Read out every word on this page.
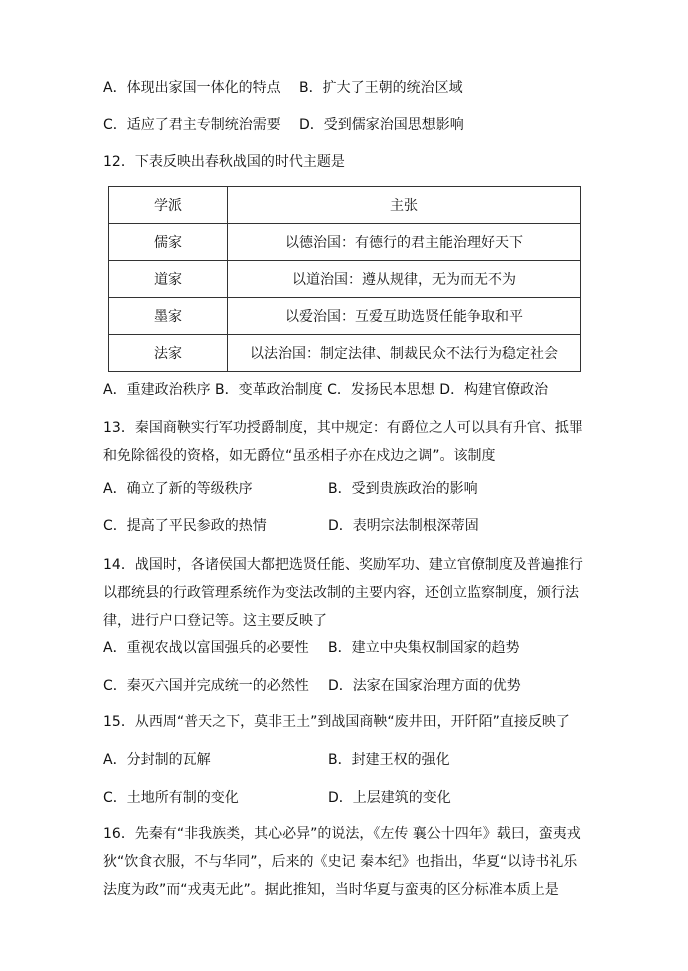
A．体现出家国一体化的特点 B．扩大了王朝的统治区域
C．适应了君主专制统治需要 D．受到儒家治国思想影响
12．下表反映出春秋战国的时代主题是
学派	主张
儒家	以德治国：有德行的君主能治理好天下
道家	以道治国：遵从规律，无为而无不为
墨家	以爱治国：互爱互助选贤任能争取和平
法家	以法治国：制定法律、制裁民众不法行为稳定社会
A．重建政治秩序 B．变革政治制度 C．发扬民本思想 D．构建官僚政治
13．秦国商鞅实行军功授爵制度，其中规定：有爵位之人可以具有升官、抵罪和免除徭役的资格，如无爵位“虽丞相子亦在戍边之调”。该制度
A．确立了新的等级秩序	B．受到贵族政治的影响
C．提高了平民参政的热情	D．表明宗法制根深蒂固
14．战国时，各诸侯国大都把选贤任能、奖励军功、建立官僚制度及普遍推行以郡统县的行政管理系统作为变法改制的主要内容，还创立监察制度，颁行法律，进行户口登记等。这主要反映了
A．重视农战以富国强兵的必要性 B．建立中央集权制国家的趋势
C．秦灭六国并完成统一的必然性 D．法家在国家治理方面的优势
15．从西周“普天之下，莫非王土”到战国商鞅“废井田，开阡陌”直接反映了
A．分封制的瓦解	B．封建王权的强化
C．土地所有制的变化	D．上层建筑的变化
16．先秦有“非我族类，其心必异”的说法，《左传 襄公十四年》载曰，蛮夷戎狄“饮食衣服，不与华同”，后来的《史记 秦本纪》也指出，华夏“以诗书礼乐法度为政”而“戎夷无此”。据此推知，当时华夏与蛮夷的区分标准本质上是
